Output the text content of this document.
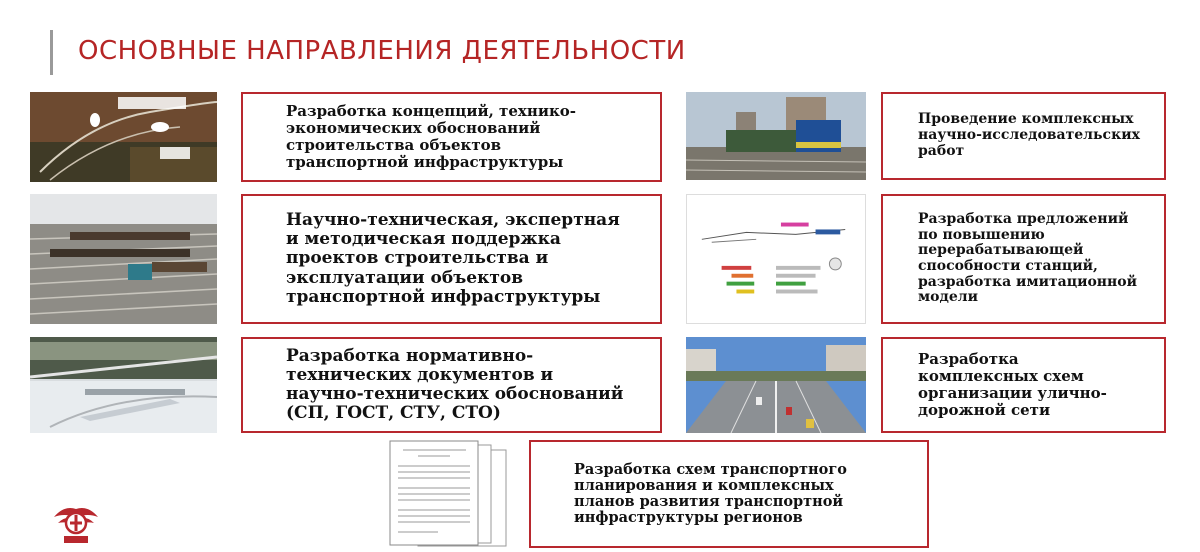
ОСНОВНЫЕ НАПРАВЛЕНИЯ ДЕЯТЕЛЬНОСТИ
Разработка концепций, технико-экономических обоснований строительства объектов транспортной инфраструктуры
Научно-техническая, экспертная и методическая поддержка проектов строительства и эксплуатации объектов транспортной инфраструктуры
Разработка нормативно-технических документов и научно-технических обоснований (СП, ГОСТ, СТУ, СТО)
Проведение комплексных научно-исследовательских работ
Разработка предложений по повышению перерабатывающей способности станций, разработка имитационной модели
Разработка комплексных схем организации улично-дорожной сети
Разработка схем транспортного планирования и комплексных планов развития транспортной инфраструктуры регионов
